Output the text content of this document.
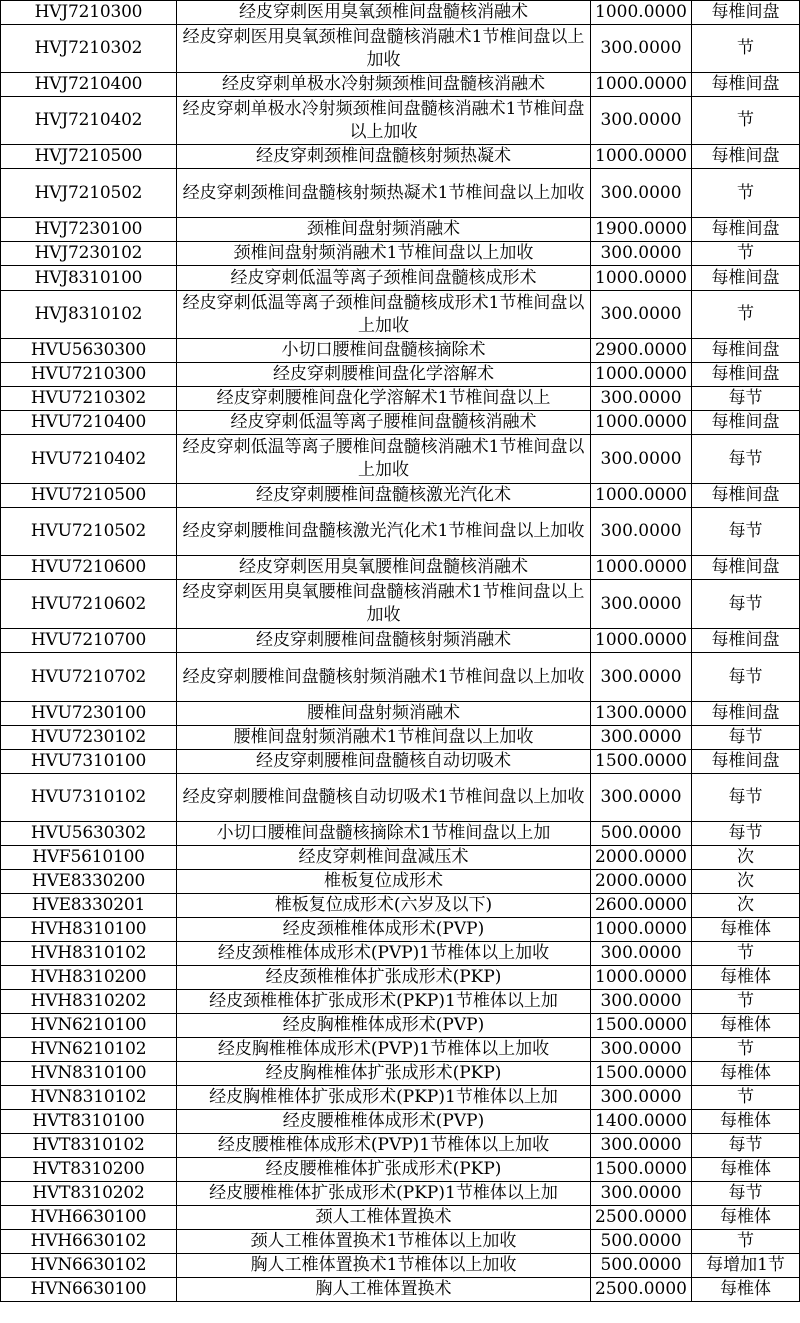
HVJ7210300	经皮穿刺医用臭氧颈椎间盘髓核消融术	1000.0000	每椎间盘
HVJ7210302	经皮穿刺医用臭氧颈椎间盘髓核消融术1节椎间盘以上加收	300.0000	节
HVJ7210400	经皮穿刺单极水冷射频颈椎间盘髓核消融术	1000.0000	每椎间盘
HVJ7210402	经皮穿刺单极水冷射频颈椎间盘髓核消融术1节椎间盘以上加收	300.0000	节
HVJ7210500	经皮穿刺颈椎间盘髓核射频热凝术	1000.0000	每椎间盘
HVJ7210502	经皮穿刺颈椎间盘髓核射频热凝术1节椎间盘以上加收	300.0000	节
HVJ7230100	颈椎间盘射频消融术	1900.0000	每椎间盘
HVJ7230102	颈椎间盘射频消融术1节椎间盘以上加收	300.0000	节
HVJ8310100	经皮穿刺低温等离子颈椎间盘髓核成形术	1000.0000	每椎间盘
HVJ8310102	经皮穿刺低温等离子颈椎间盘髓核成形术1节椎间盘以上加收	300.0000	节
HVU5630300	小切口腰椎间盘髓核摘除术	2900.0000	每椎间盘
HVU7210300	经皮穿刺腰椎间盘化学溶解术	1000.0000	每椎间盘
HVU7210302	经皮穿刺腰椎间盘化学溶解术1节椎间盘以上	300.0000	每节
HVU7210400	经皮穿刺低温等离子腰椎间盘髓核消融术	1000.0000	每椎间盘
HVU7210402	经皮穿刺低温等离子腰椎间盘髓核消融术1节椎间盘以上加收	300.0000	每节
HVU7210500	经皮穿刺腰椎间盘髓核激光汽化术	1000.0000	每椎间盘
HVU7210502	经皮穿刺腰椎间盘髓核激光汽化术1节椎间盘以上加收	300.0000	每节
HVU7210600	经皮穿刺医用臭氧腰椎间盘髓核消融术	1000.0000	每椎间盘
HVU7210602	经皮穿刺医用臭氧腰椎间盘髓核消融术1节椎间盘以上加收	300.0000	每节
HVU7210700	经皮穿刺腰椎间盘髓核射频消融术	1000.0000	每椎间盘
HVU7210702	经皮穿刺腰椎间盘髓核射频消融术1节椎间盘以上加收	300.0000	每节
HVU7230100	腰椎间盘射频消融术	1300.0000	每椎间盘
HVU7230102	腰椎间盘射频消融术1节椎间盘以上加收	300.0000	每节
HVU7310100	经皮穿刺腰椎间盘髓核自动切吸术	1500.0000	每椎间盘
HVU7310102	经皮穿刺腰椎间盘髓核自动切吸术1节椎间盘以上加收	300.0000	每节
HVU5630302	小切口腰椎间盘髓核摘除术1节椎间盘以上加	500.0000	每节
HVF5610100	经皮穿刺椎间盘减压术	2000.0000	次
HVE8330200	椎板复位成形术	2000.0000	次
HVE8330201	椎板复位成形术(六岁及以下)	2600.0000	次
HVH8310100	经皮颈椎椎体成形术(PVP)	1000.0000	每椎体
HVH8310102	经皮颈椎椎体成形术(PVP)1节椎体以上加收	300.0000	节
HVH8310200	经皮颈椎椎体扩张成形术(PKP)	1000.0000	每椎体
HVH8310202	经皮颈椎椎体扩张成形术(PKP)1节椎体以上加	300.0000	节
HVN6210100	经皮胸椎椎体成形术(PVP)	1500.0000	每椎体
HVN6210102	经皮胸椎椎体成形术(PVP)1节椎体以上加收	300.0000	节
HVN8310100	经皮胸椎椎体扩张成形术(PKP)	1500.0000	每椎体
HVN8310102	经皮胸椎椎体扩张成形术(PKP)1节椎体以上加	300.0000	节
HVT8310100	经皮腰椎椎体成形术(PVP)	1400.0000	每椎体
HVT8310102	经皮腰椎椎体成形术(PVP)1节椎体以上加收	300.0000	每节
HVT8310200	经皮腰椎椎体扩张成形术(PKP)	1500.0000	每椎体
HVT8310202	经皮腰椎椎体扩张成形术(PKP)1节椎体以上加	300.0000	每节
HVH6630100	颈人工椎体置换术	2500.0000	每椎体
HVH6630102	颈人工椎体置换术1节椎体以上加收	500.0000	节
HVN6630102	胸人工椎体置换术1节椎体以上加收	500.0000	每增加1节
HVN6630100	胸人工椎体置换术	2500.0000	每椎体
